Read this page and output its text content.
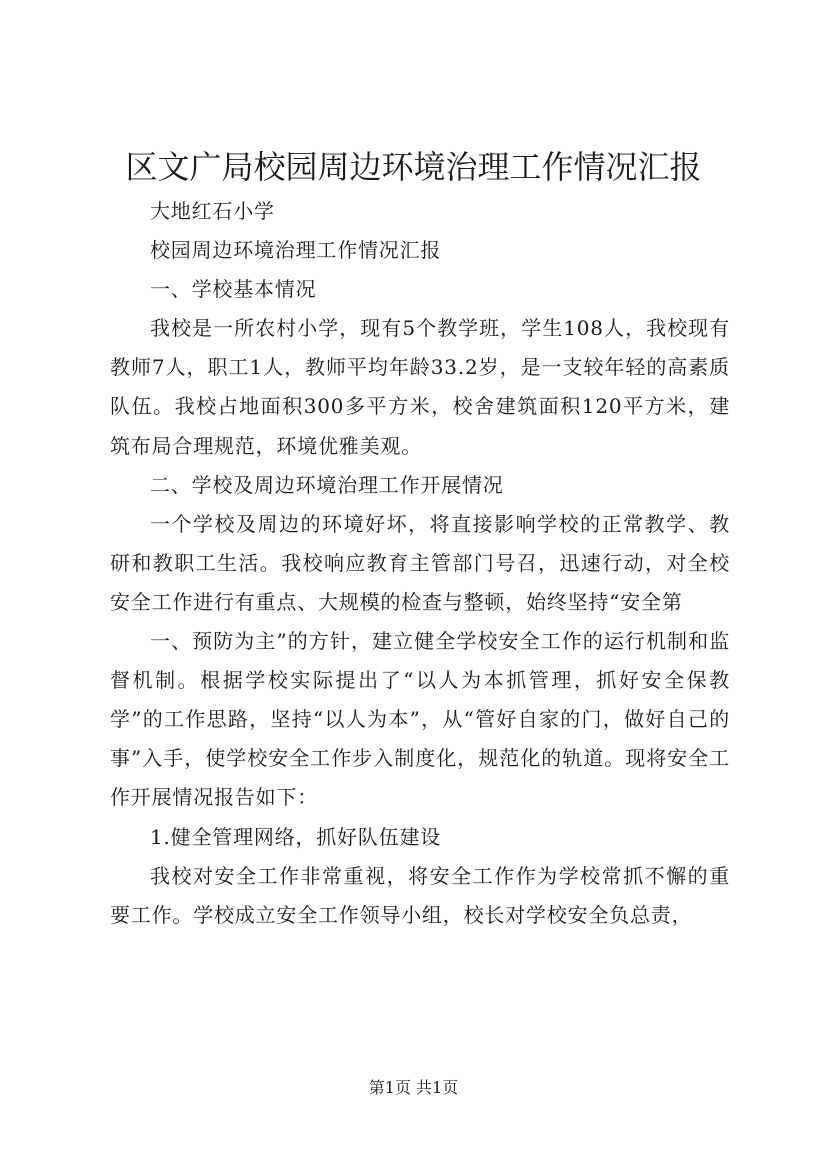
区文广局校园周边环境治理工作情况汇报

大地红石小学

校园周边环境治理工作情况汇报

一、学校基本情况

我校是一所农村小学，现有5个教学班，学生108人，我校现有教师7人，职工1人，教师平均年龄33.2岁，是一支较年轻的高素质队伍。我校占地面积300多平方米，校舍建筑面积120平方米，建筑布局合理规范，环境优雅美观。

二、学校及周边环境治理工作开展情况

一个学校及周边的环境好坏，将直接影响学校的正常教学、教研和教职工生活。我校响应教育主管部门号召，迅速行动，对全校安全工作进行有重点、大规模的检查与整顿，始终坚持“安全第

一、预防为主”的方针，建立健全学校安全工作的运行机制和监督机制。根据学校实际提出了“以人为本抓管理，抓好安全保教学”的工作思路，坚持“以人为本”，从“管好自家的门，做好自己的事”入手，使学校安全工作步入制度化，规范化的轨道。现将安全工作开展情况报告如下：

1.健全管理网络，抓好队伍建设

我校对安全工作非常重视，将安全工作作为学校常抓不懈的重要工作。学校成立安全工作领导小组，校长对学校安全负总责，

第1页 共1页
